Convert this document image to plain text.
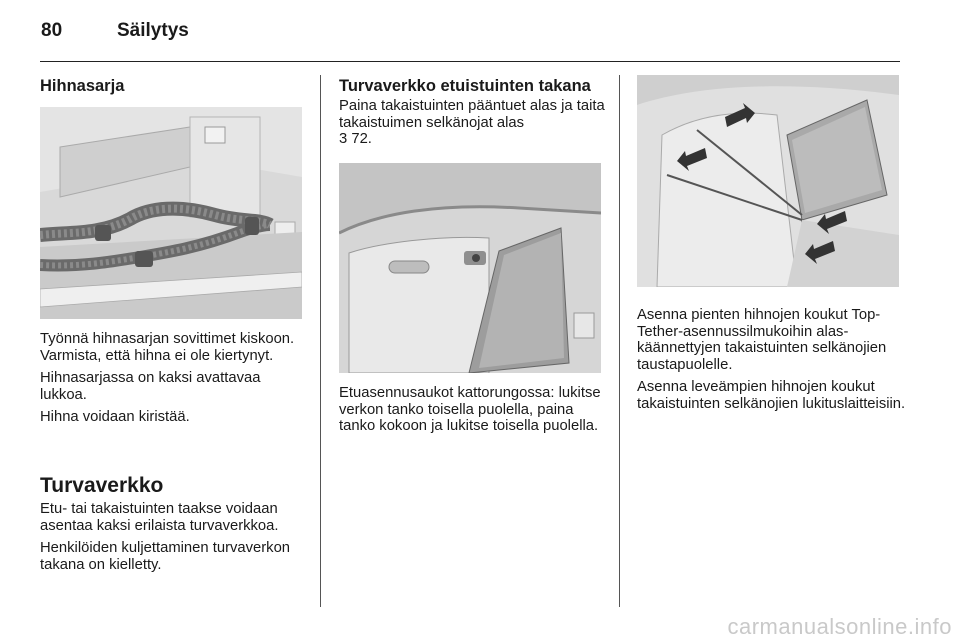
80	Säilytys
Hihnasarja

Työnnä hihnasarjan sovittimet kiskoon. Varmista, että hihna ei ole kiertynyt.

Hihnasarjassa on kaksi avattavaa lukkoa.

Hihna voidaan kiristää.

Turvaverkko

Etu- tai takaistuinten taakse voidaan asentaa kaksi erilaista turvaverkkoa.

Henkilöiden kuljettaminen turvaverkon takana on kielletty.

Turvaverkko etuistuinten takana

Paina takaistuinten pääntuet alas ja taita takaistuimen selkänojat alas

3 72.

Etuasennusaukot kattorungossa: lukitse verkon tanko toisella puolella, paina tanko kokoon ja lukitse toisella puolella.

Asenna pienten hihnojen koukut Top-Tether-asennussilmukoihin alaskäännettyjen takaistuinten selkänojien taustapuolelle.

Asenna leveämpien hihnojen koukut takaistuinten selkänojien lukituslaitteisiin.

carmanualsonline.info
